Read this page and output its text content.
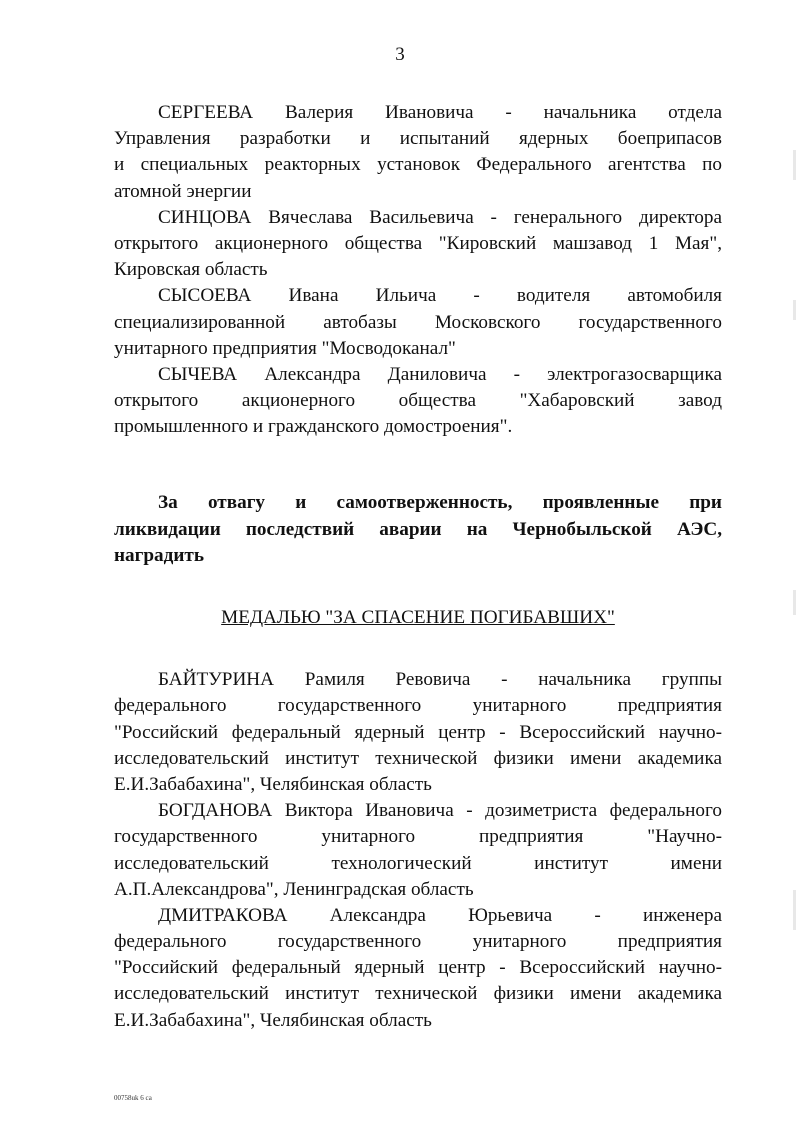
3
СЕРГЕЕВА Валерия Ивановича - начальника отдела
Управления разработки и испытаний ядерных боеприпасов
и специальных реакторных установок Федерального агентства по
атомной энергии
СИНЦОВА Вячеслава Васильевича - генерального директора
открытого акционерного общества "Кировский машзавод 1 Мая",
Кировская область
СЫСОЕВА Ивана Ильича - водителя автомобиля
специализированной автобазы Московского государственного
унитарного предприятия "Мосводоканал"
СЫЧЕВА Александра Даниловича - электрогазосварщика
открытого акционерного общества "Хабаровский завод
промышленного и гражданского домостроения".
За отвагу и самоотверженность, проявленные при
ликвидации последствий аварии на Чернобыльской АЭС,
наградить
МЕДАЛЬЮ "ЗА СПАСЕНИЕ ПОГИБАВШИХ"
БАЙТУРИНА Рамиля Ревовича - начальника группы
федерального государственного унитарного предприятия
"Российский федеральный ядерный центр - Всероссийский научно-
исследовательский институт технической физики имени академика
Е.И.Забабахина", Челябинская область
БОГДАНОВА Виктора Ивановича - дозиметриста федерального
государственного унитарного предприятия "Научно-
исследовательский технологический институт имени
А.П.Александрова", Ленинградская область
ДМИТРАКОВА Александра Юрьевича - инженера
федерального государственного унитарного предприятия
"Российский федеральный ядерный центр - Всероссийский научно-
исследовательский институт технической физики имени академика
Е.И.Забабахина", Челябинская область
00758uk 6 са
